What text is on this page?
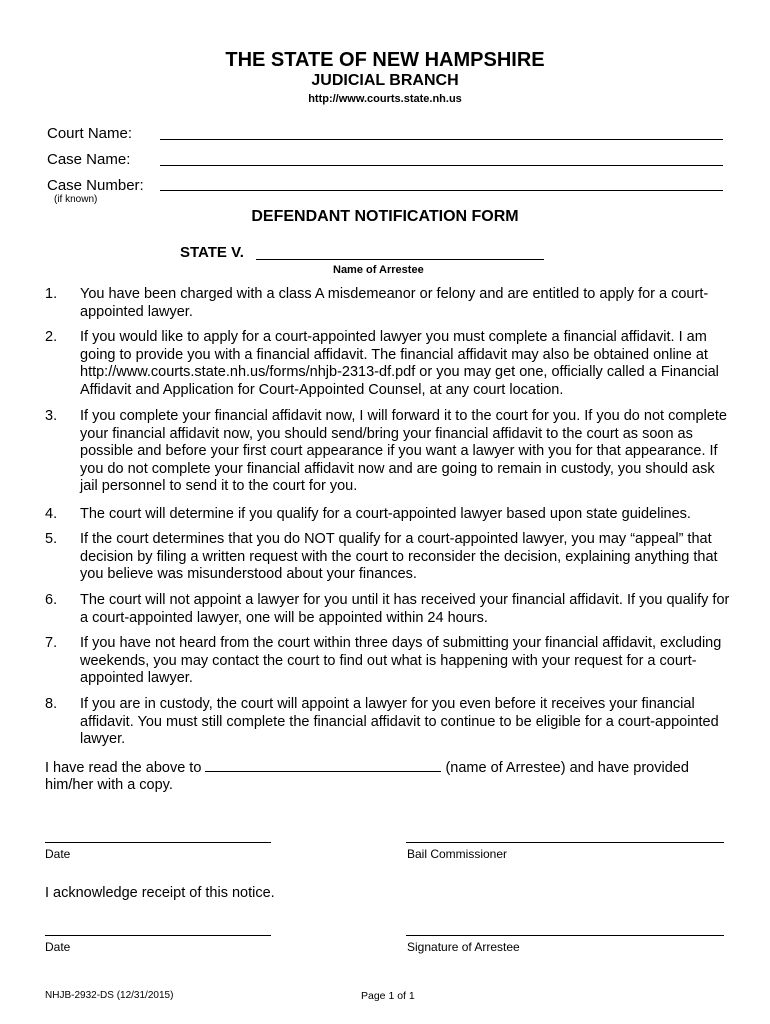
THE STATE OF NEW HAMPSHIRE
JUDICIAL BRANCH
http://www.courts.state.nh.us
Court Name:
Case Name:
Case Number:
(if known)
DEFENDANT NOTIFICATION FORM
STATE V.
Name of Arrestee
1. You have been charged with a class A misdemeanor or felony and are entitled to apply for a court-appointed lawyer.
2. If you would like to apply for a court-appointed lawyer you must complete a financial affidavit. I am going to provide you with a financial affidavit. The financial affidavit may also be obtained online at http://www.courts.state.nh.us/forms/nhjb-2313-df.pdf or you may get one, officially called a Financial Affidavit and Application for Court-Appointed Counsel, at any court location.
3. If you complete your financial affidavit now, I will forward it to the court for you. If you do not complete your financial affidavit now, you should send/bring your financial affidavit to the court as soon as possible and before your first court appearance if you want a lawyer with you for that appearance. If you do not complete your financial affidavit now and are going to remain in custody, you should ask jail personnel to send it to the court for you.
4. The court will determine if you qualify for a court-appointed lawyer based upon state guidelines.
5. If the court determines that you do NOT qualify for a court-appointed lawyer, you may “appeal” that decision by filing a written request with the court to reconsider the decision, explaining anything that you believe was misunderstood about your finances.
6. The court will not appoint a lawyer for you until it has received your financial affidavit. If you qualify for a court-appointed lawyer, one will be appointed within 24 hours.
7. If you have not heard from the court within three days of submitting your financial affidavit, excluding weekends, you may contact the court to find out what is happening with your request for a court-appointed lawyer.
8. If you are in custody, the court will appoint a lawyer for you even before it receives your financial affidavit. You must still complete the financial affidavit to continue to be eligible for a court-appointed lawyer.
I have read the above to	(name of Arrestee) and have provided
him/her with a copy.
Date	Bail Commissioner
I acknowledge receipt of this notice.
Date	Signature of Arrestee
NHJB-2932-DS (12/31/2015)	Page 1 of 1
